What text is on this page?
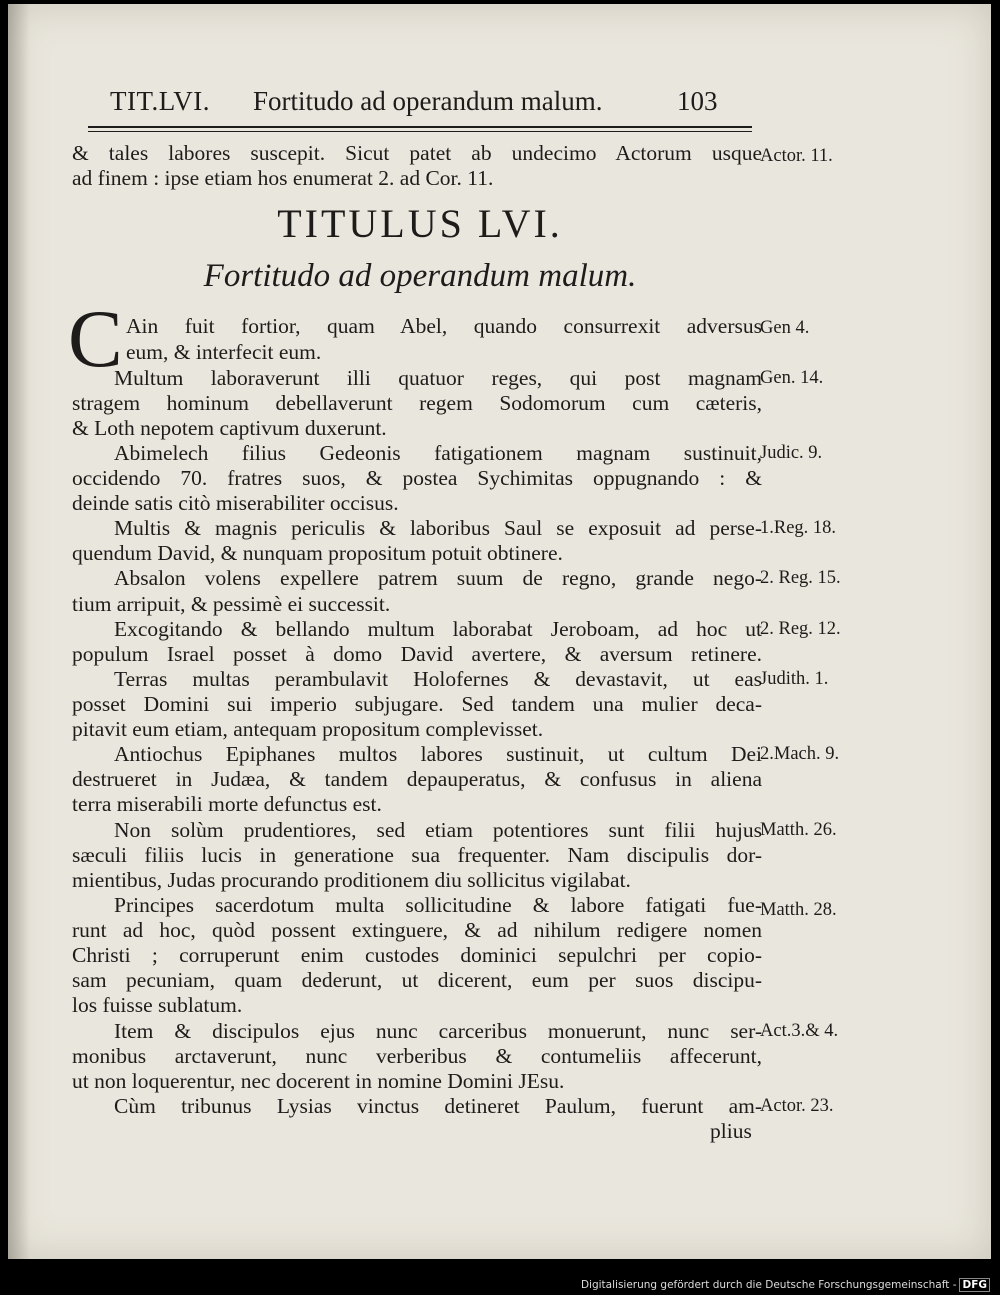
TIT.LVI. Fortitudo ad operandum malum.	103
& tales labores suscepit. Sicut patet ab undecimo Actorum usque
ad finem : ipse etiam hos enumerat 2. ad Cor. 11.
Actor. 11.
TITULUS LVI.
Fortitudo ad operandum malum.
C Ain fuit fortior, quam Abel, quando consurrexit adversus
eum, & interfecit eum.
Multum laboraverunt illi quatuor reges, qui post magnam
stragem hominum debellaverunt regem Sodomorum cum cæteris,
& Loth nepotem captivum duxerunt.
Abimelech filius Gedeonis fatigationem magnam sustinuit,
occidendo 70. fratres suos, & postea Sychimitas oppugnando : &
deinde satis citò miserabiliter occisus.
Multis & magnis periculis & laboribus Saul se exposuit ad perse-
quendum David, & nunquam propositum potuit obtinere.
Absalon volens expellere patrem suum de regno, grande nego-
tium arripuit, & pessimè ei successit.
Excogitando & bellando multum laborabat Jeroboam, ad hoc ut
populum Israel posset à domo David avertere, & aversum retinere.
Terras multas perambulavit Holofernes & devastavit, ut eas
posset Domini sui imperio subjugare. Sed tandem una mulier deca-
pitavit eum etiam, antequam propositum complevisset.
Antiochus Epiphanes multos labores sustinuit, ut cultum Dei
destrueret in Judæa, & tandem depauperatus, & confusus in aliena
terra miserabili morte defunctus est.
Non solùm prudentiores, sed etiam potentiores sunt filii hujus
sæculi filiis lucis in generatione sua frequenter. Nam discipulis dor-
mientibus, Judas procurando proditionem diu sollicitus vigilabat.
Principes sacerdotum multa sollicitudine & labore fatigati fue-
runt ad hoc, quòd possent extinguere, & ad nihilum redigere nomen
Christi ; corruperunt enim custodes dominici sepulchri per copio-
sam pecuniam, quam dederunt, ut dicerent, eum per suos discipu-
los fuisse sublatum.
Item & discipulos ejus nunc carceribus monuerunt, nunc ser-
monibus arctaverunt, nunc verberibus & contumeliis affecerunt,
ut non loquerentur, nec docerent in nomine Domini JEsu.
Cùm tribunus Lysias vinctus detineret Paulum, fuerunt am-
plius
Gen 4.
Gen. 14.
Judic. 9.
1.Reg. 18.
2. Reg. 15.
2. Reg. 12.
Judith. 1.
2.Mach. 9.
Matth. 26.
Matth. 28.
Act.3.& 4.
Actor. 23.
Digitalisierung gefördert durch die Deutsche Forschungsgemeinschaft - DFG
